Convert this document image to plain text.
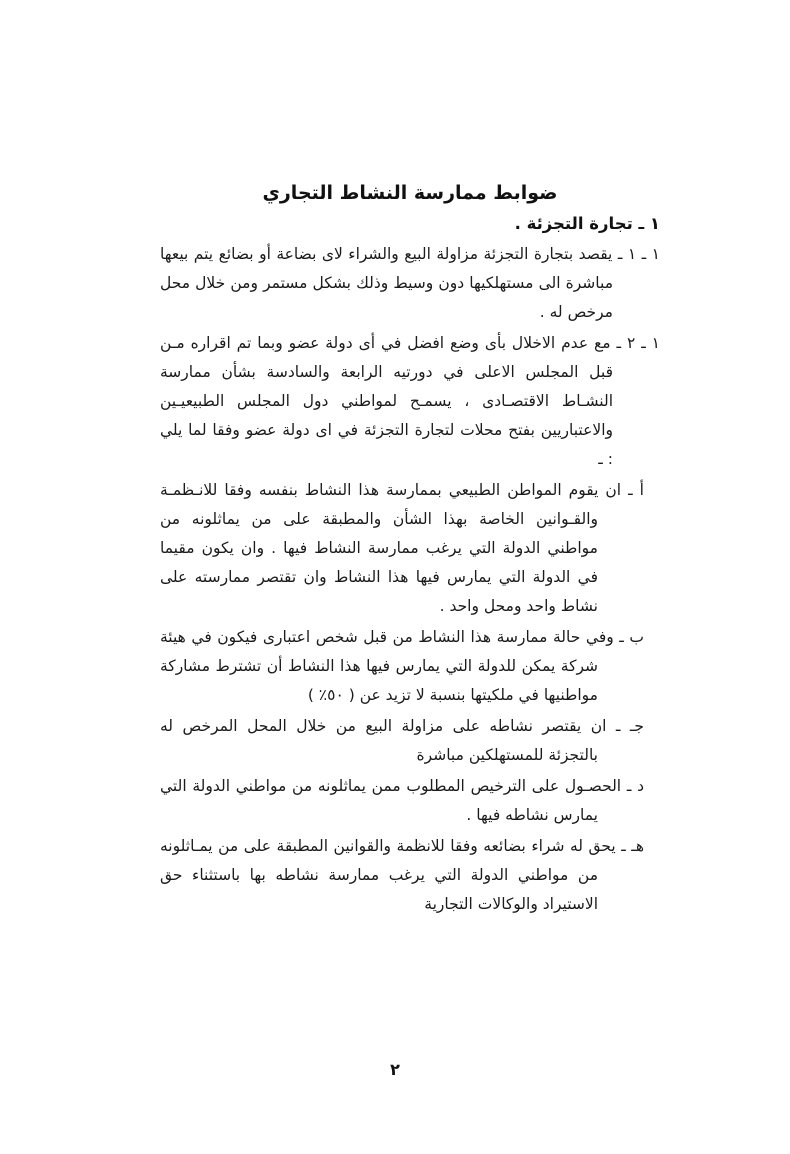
ضوابط ممارسة النشاط التجاري
١ ـ تجارة التجزئة .
١ ـ ١ ـ يقصد بتجارة التجزئة مزاولة البيع والشراء لاى بضاعة أو بضائع يتم بيعها مباشرة الى مستهلكيها دون وسيط وذلك بشكل مستمر ومن خلال محل مرخص له .
١ ـ ٢ ـ مع عدم الاخلال بأى وضع افضل في أى دولة عضو وبما تم اقراره مـن قبل المجلس الاعلى في دورتيه الرابعة والسادسة بشأن ممارسة النشـاط الاقتصـادى ، يسمـح لمواطني دول المجلس الطبيعيـين والاعتباريين بفتح محلات لتجارة التجزئة في اى دولة عضو وفقا لما يلي : ـ
أ ـ ان يقوم المواطن الطبيعي بممارسة هذا النشاط بنفسه وفقا للانـظمـة والقـوانين الخاصة بهذا الشأن والمطبقة على من يماثلونه من مواطني الدولة التي يرغب ممارسة النشاط فيها . وان يكون مقيما في الدولة التي يمارس فيها هذا النشاط وان تقتصر ممارسته على نشاط واحد ومحل واحد .
ب ـ وفي حالة ممارسة هذا النشاط من قبل شخص اعتبارى فيكون في هيئة شركة يمكن للدولة التي يمارس فيها هذا النشاط أن تشترط مشاركة مواطنيها في ملكيتها بنسبة لا تزيد عن ( ٥٠٪ )
جـ ـ ان يقتصر نشاطه على مزاولة البيع من خلال المحل المرخص له بالتجزئة للمستهلكين مباشرة
د ـ الحصـول على الترخيص المطلوب ممن يماثلونه من مواطني الدولة التي يمارس نشاطه فيها .
هـ ـ يحق له شراء بضائعه وفقا للانظمة والقوانين المطبقة على من يمـاثلونه من مواطني الدولة التي يرغب ممارسة نشاطه بها باستثناء حق الاستيراد والوكالات التجارية
٢
